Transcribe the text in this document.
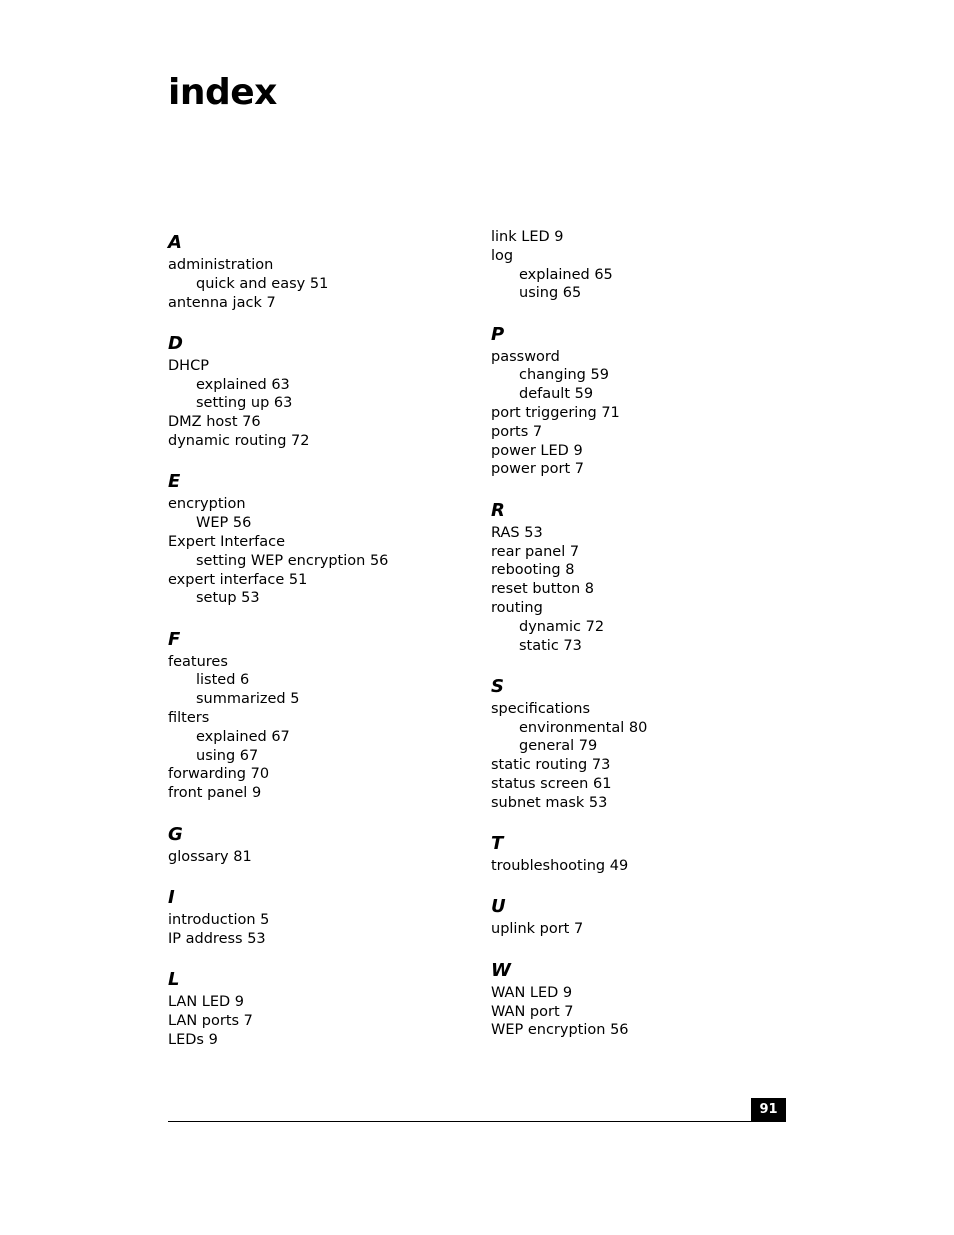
index
A
administration
quick and easy 51
antenna jack 7
D
DHCP
explained 63
setting up 63
DMZ host 76
dynamic routing 72
E
encryption
WEP 56
Expert Interface
setting WEP encryption 56
expert interface 51
setup 53
F
features
listed 6
summarized 5
filters
explained 67
using 67
forwarding 70
front panel 9
G
glossary 81
I
introduction 5
IP address 53
L
LAN LED 9
LAN ports 7
LEDs 9
link LED 9
log
explained 65
using 65
P
password
changing 59
default 59
port triggering 71
ports 7
power LED 9
power port 7
R
RAS 53
rear panel 7
rebooting 8
reset button 8
routing
dynamic 72
static 73
S
specifications
environmental 80
general 79
static routing 73
status screen 61
subnet mask 53
T
troubleshooting 49
U
uplink port 7
W
WAN LED 9
WAN port 7
WEP encryption 56
91
